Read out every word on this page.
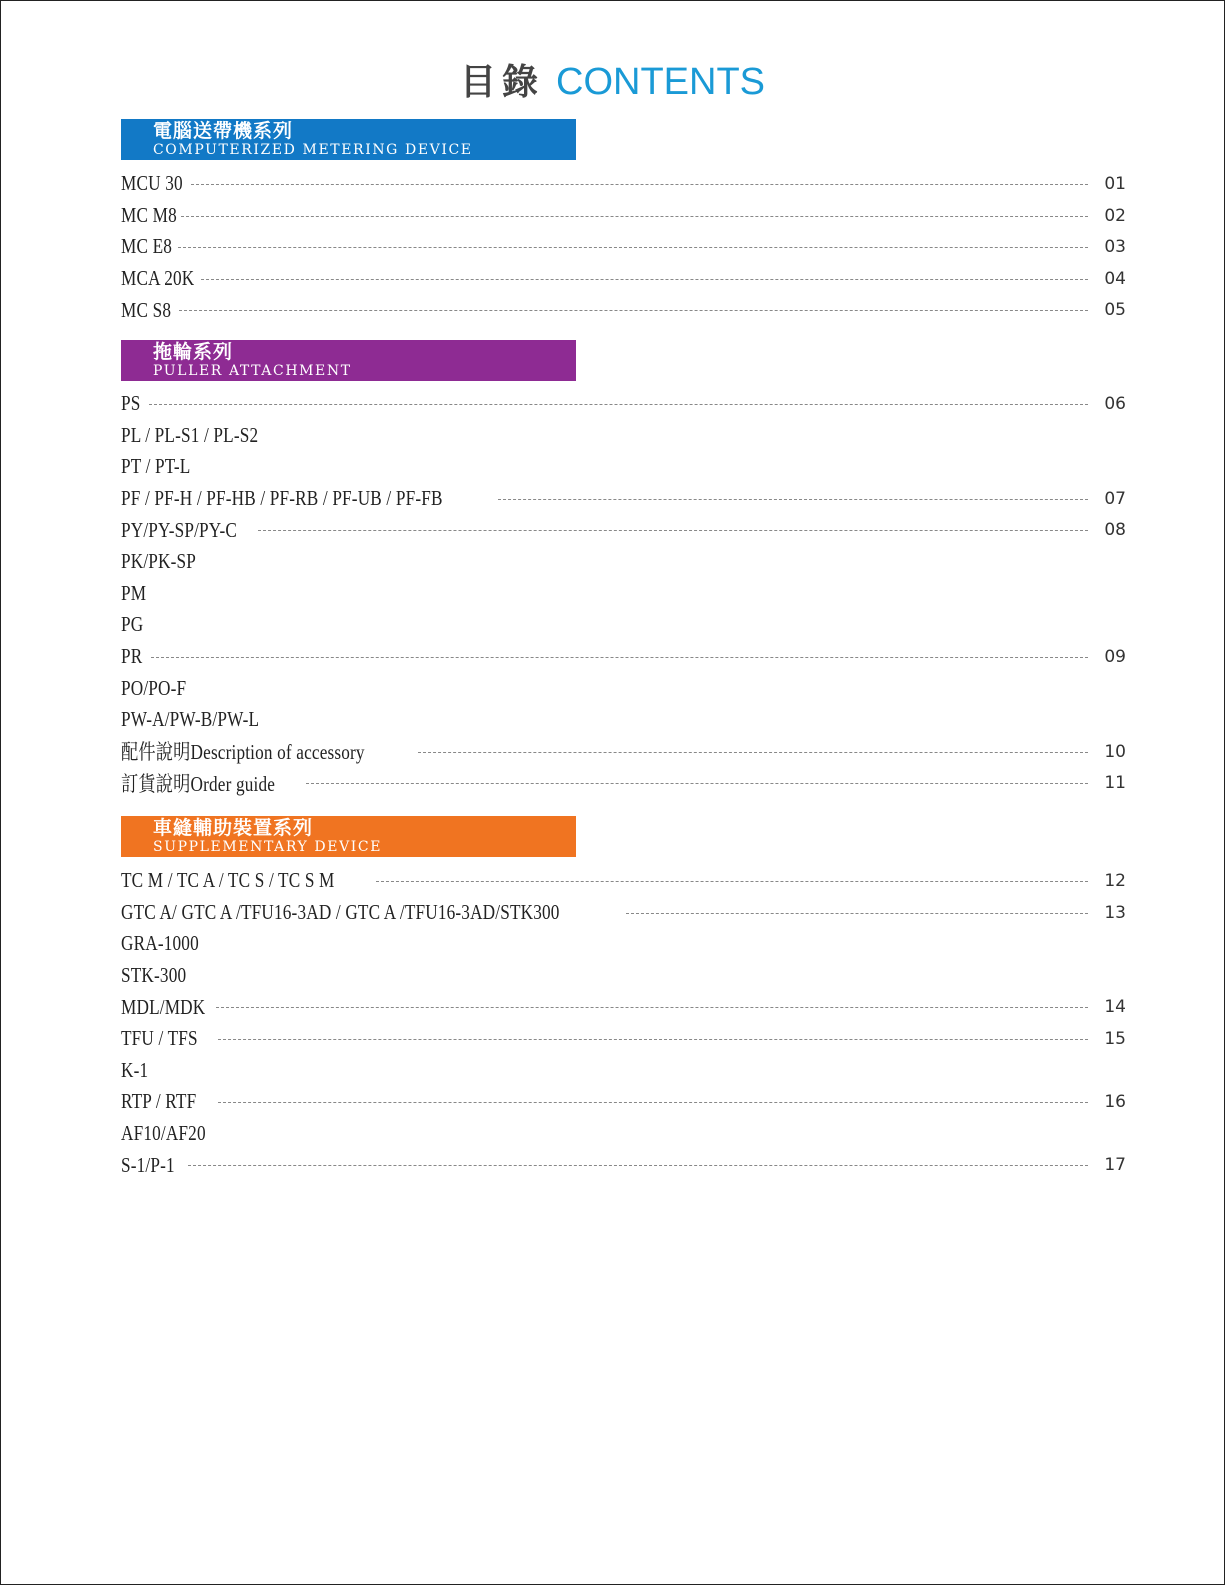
目錄 CONTENTS
電腦送帶機系列
COMPUTERIZED METERING DEVICE
MCU 30	01
MC M8	02
MC E8	03
MCA 20K	04
MC S8	05
拖輪系列
PULLER ATTACHMENT
PS	06
PL / PL-S1 / PL-S2
PT / PT-L
PF / PF-H / PF-HB / PF-RB / PF-UB / PF-FB	07
PY/PY-SP/PY-C	08
PK/PK-SP
PM
PG
PR	09
PO/PO-F
PW-A/PW-B/PW-L
配件說明Description of accessory	10
訂貨說明Order guide	11
車縫輔助裝置系列
SUPPLEMENTARY DEVICE
TC M / TC A / TC S / TC S M	12
GTC A/ GTC A /TFU16-3AD / GTC A /TFU16-3AD/STK300	13
GRA-1000
STK-300
MDL/MDK	14
TFU / TFS	15
K-1
RTP / RTF	16
AF10/AF20
S-1/P-1	17
